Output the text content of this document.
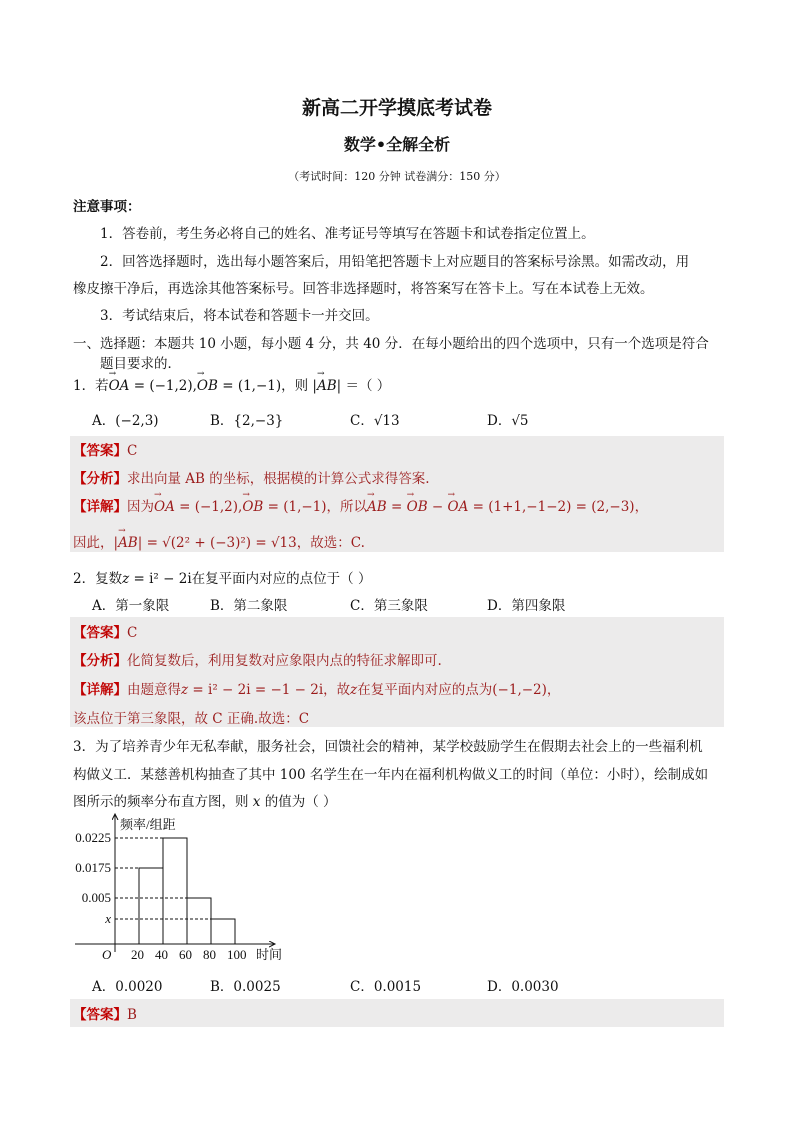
新高二开学摸底考试卷
数学•全解全析
（考试时间：120 分钟 试卷满分：150 分）
注意事项：
1．答卷前，考生务必将自己的姓名、准考证号等填写在答题卡和试卷指定位置上。
2．回答选择题时，选出每小题答案后，用铅笔把答题卡上对应题目的答案标号涂黑。如需改动，用
橡皮擦干净后，再选涂其他答案标号。回答非选择题时，将答案写在答卡上。写在本试卷上无效。
3．考试结束后，将本试卷和答题卡一并交回。
一、选择题：本题共 10 小题，每小题 4 分，共 40 分．在每小题给出的四个选项中，只有一个选项是符合
题目要求的．
1．若→ OA = (−1,2),→ OB = (1,−1)，则 |→ AB| ＝（ ）
A．(−2,3)	B．{2,−3}	C．√13	D．√5
【答案】C
【分析】求出向量 AB 的坐标，根据模的计算公式求得答案.
【详解】因为→ OA = (−1,2),→ OB = (1,−1)，所以→ AB = → OB − → OA = (1+1,−1−2) = (2,−3)，
因此，|→ AB| = √(2² + (−3)²) = √13，故选：C.
2．复数z = i² − 2i在复平面内对应的点位于（ ）
A．第一象限	B．第二象限	C．第三象限	D．第四象限
【答案】C
【分析】化简复数后，利用复数对应象限内点的特征求解即可.
【详解】由题意得z = i² − 2i = −1 − 2i，故z在复平面内对应的点为(−1,−2)，
该点位于第三象限，故 C 正确.故选：C
3．为了培养青少年无私奉献，服务社会，回馈社会的精神，某学校鼓励学生在假期去社会上的一些福利机
构做义工．某慈善机构抽查了其中 100 名学生在一年内在福利机构做义工的时间（单位：小时），绘制成如
图所示的频率分布直方图，则 x 的值为（ ）
频率/组距
时间
O 20 40 60 80 100
0.0225
0.0175
0.005
x
A．0.0020	B．0.0025	C．0.0015	D．0.0030
【答案】B
